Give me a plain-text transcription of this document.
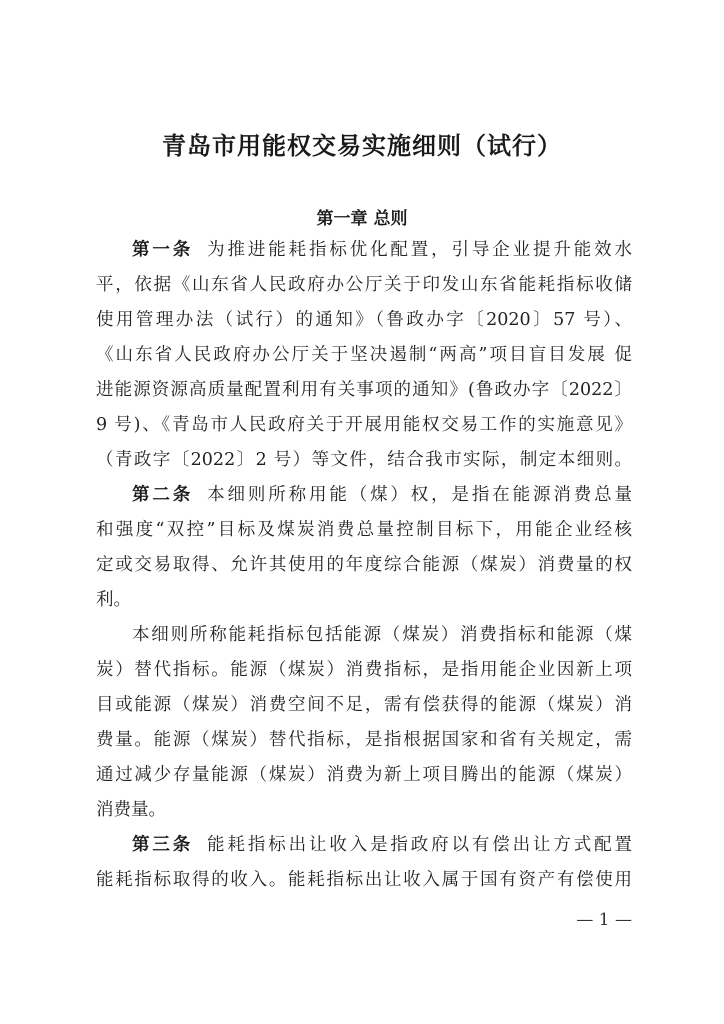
青岛市用能权交易实施细则（试行）
第一章 总则
第一条 为推进能耗指标优化配置，引导企业提升能效水
平，依据《山东省人民政府办公厅关于印发山东省能耗指标收储
使用管理办法（试行）的通知》（鲁政办字〔2020〕57 号）、
《山东省人民政府办公厅关于坚决遏制“两高”项目盲目发展 促
进能源资源高质量配置利用有关事项的通知》(鲁政办字〔2022〕
9 号)、《青岛市人民政府关于开展用能权交易工作的实施意见》
（青政字〔2022〕2 号）等文件，结合我市实际，制定本细则。
第二条 本细则所称用能（煤）权，是指在能源消费总量
和强度“双控”目标及煤炭消费总量控制目标下，用能企业经核
定或交易取得、允许其使用的年度综合能源（煤炭）消费量的权
利。
本细则所称能耗指标包括能源（煤炭）消费指标和能源（煤
炭）替代指标。能源（煤炭）消费指标，是指用能企业因新上项
目或能源（煤炭）消费空间不足，需有偿获得的能源（煤炭）消
费量。能源（煤炭）替代指标，是指根据国家和省有关规定，需
通过减少存量能源（煤炭）消费为新上项目腾出的能源（煤炭）
消费量。
第三条 能耗指标出让收入是指政府以有偿出让方式配置
能耗指标取得的收入。能耗指标出让收入属于国有资产有偿使用
— 1 —
